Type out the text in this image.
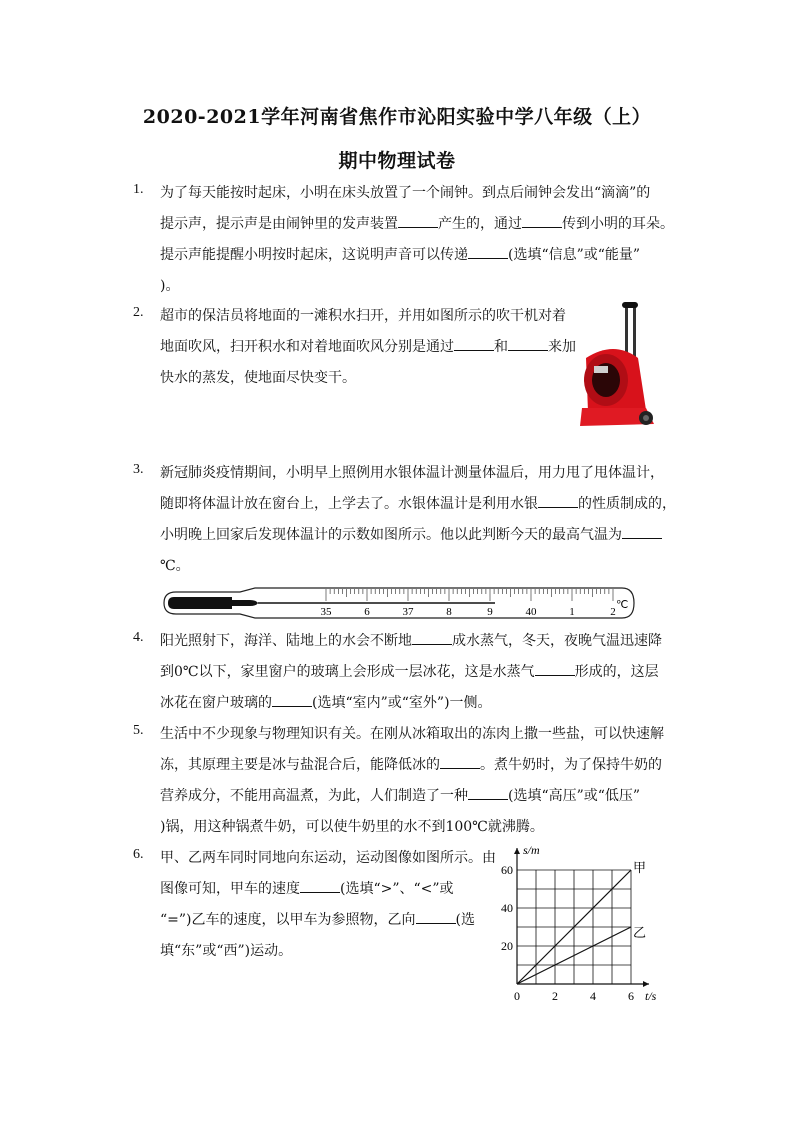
2020-2021学年河南省焦作市沁阳实验中学八年级（上）
期中物理试卷
1. 为了每天能按时起床，小明在床头放置了一个闹钟。到点后闹钟会发出“滴滴”的
提示声，提示声是由闹钟里的发声装置	产生的，通过	传到小明的耳朵。
提示声能提醒小明按时起床，这说明声音可以传递	(选填“信息”或“能量”
)。
2. 超市的保洁员将地面的一滩积水扫开，并用如图所示的吹干机对着
地面吹风，扫开积水和对着地面吹风分别是通过	和	来加
快水的蒸发，使地面尽快变干。
3. 新冠肺炎疫情期间，小明早上照例用水银体温计测量体温后，用力甩了甩体温计，
随即将体温计放在窗台上，上学去了。水银体温计是利用水银	的性质制成的，
小明晚上回家后发现体温计的示数如图所示。他以此判断今天的最高气温为
℃。
4. 阳光照射下，海洋、陆地上的水会不断地	成水蒸气，冬天，夜晚气温迅速降
到0℃以下，家里窗户的玻璃上会形成一层冰花，这是水蒸气	形成的，这层
冰花在窗户玻璃的	(选填“室内”或“室外”)一侧。
5. 生活中不少现象与物理知识有关。在刚从冰箱取出的冻肉上撒一些盐，可以快速解
冻，其原理主要是冰与盐混合后，能降低冰的	。煮牛奶时，为了保持牛奶的
营养成分，不能用高温煮，为此，人们制造了一种	(选填“高压”或“低压”
)锅，用这种锅煮牛奶，可以使牛奶里的水不到100℃就沸腾。
6. 甲、乙两车同时同地向东运动，运动图像如图所示。由
图像可知，甲车的速度	(选填“>”、“<”或
“=”)乙车的速度，以甲车为参照物，乙向	(选
填“东”或“西”)运动。
35	6	37	8	9	40	1	2
℃
甲
乙
0	2	4	6
20
40
60
t/s
s/m
